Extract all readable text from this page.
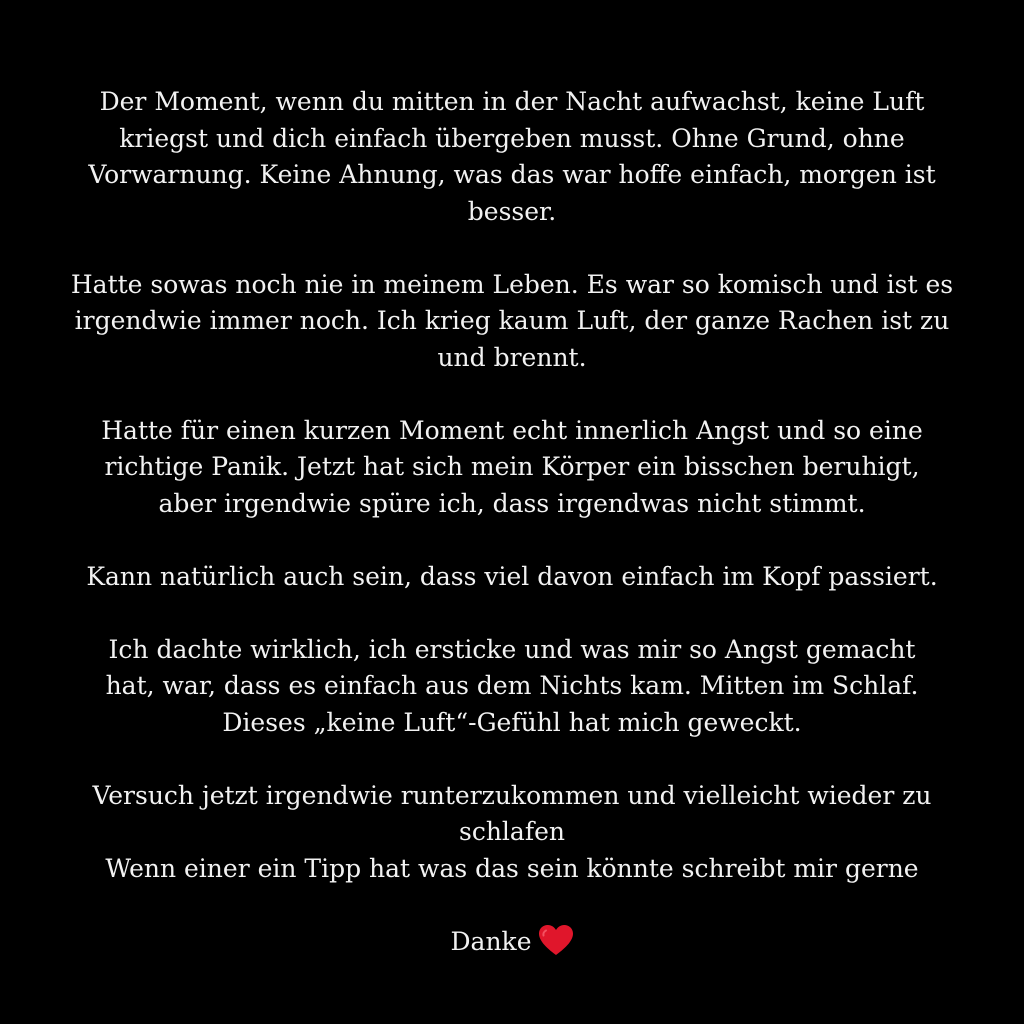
Der Moment, wenn du mitten in der Nacht aufwachst, keine Luft
kriegst und dich einfach übergeben musst. Ohne Grund, ohne
Vorwarnung. Keine Ahnung, was das war hoffe einfach, morgen ist
besser.

Hatte sowas noch nie in meinem Leben. Es war so komisch und ist es
irgendwie immer noch. Ich krieg kaum Luft, der ganze Rachen ist zu
und brennt.

Hatte für einen kurzen Moment echt innerlich Angst und so eine
richtige Panik. Jetzt hat sich mein Körper ein bisschen beruhigt,
aber irgendwie spüre ich, dass irgendwas nicht stimmt.

Kann natürlich auch sein, dass viel davon einfach im Kopf passiert.

Ich dachte wirklich, ich ersticke und was mir so Angst gemacht
hat, war, dass es einfach aus dem Nichts kam. Mitten im Schlaf.
Dieses „keine Luft“-Gefühl hat mich geweckt.

Versuch jetzt irgendwie runterzukommen und vielleicht wieder zu
schlafen
Wenn einer ein Tipp hat was das sein könnte schreibt mir gerne

Danke
